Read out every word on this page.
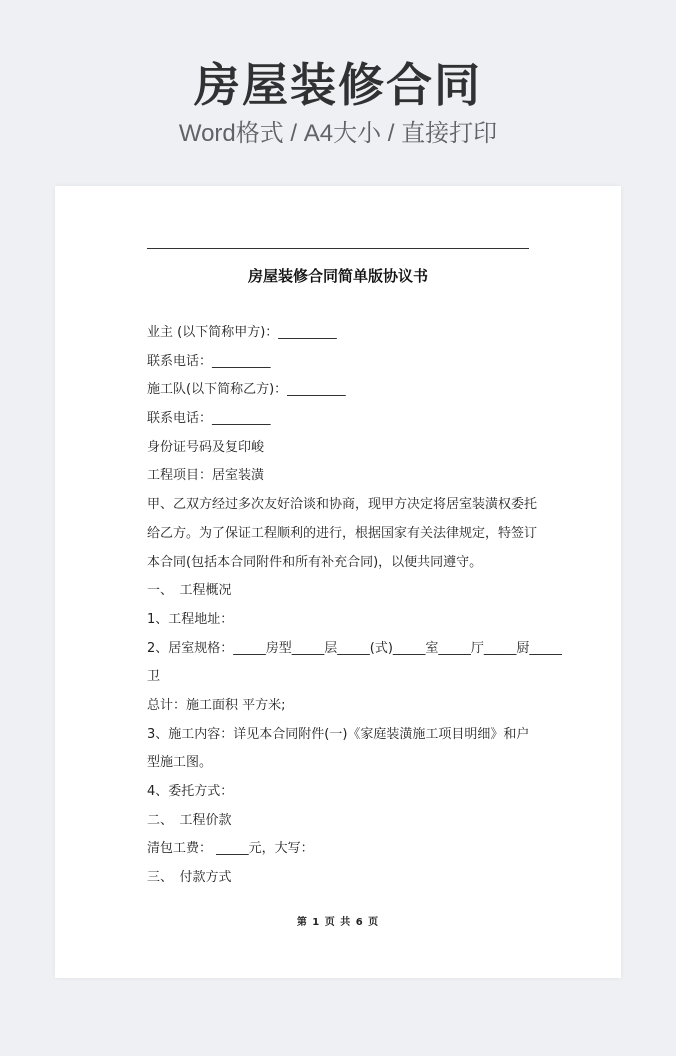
房屋装修合同
Word格式 / A4大小 / 直接打印
房屋装修合同简单版协议书
业主 (以下简称甲方)：_________
联系电话：_________
施工队(以下简称乙方)：_________
联系电话：_________
身份证号码及复印峻
工程项目：居室装潢
甲、乙双方经过多次友好洽谈和协商，现甲方决定将居室装潢权委托
给乙方。为了保证工程顺利的进行，根据国家有关法律规定，特签订
本合同(包括本合同附件和所有补充合同)，以便共同遵守。
一、　工程概况
1、工程地址：
2、居室规格：_____房型_____层_____(式)_____室_____厅_____厨_____
卫
总计：施工面积 平方米;
3、施工内容：详见本合同附件(一)《家庭装潢施工项目明细》和户
型施工图。
4、委托方式：
二、　工程价款
清包工费： _____元，大写：
三、　付款方式
第 1 页 共 6 页
